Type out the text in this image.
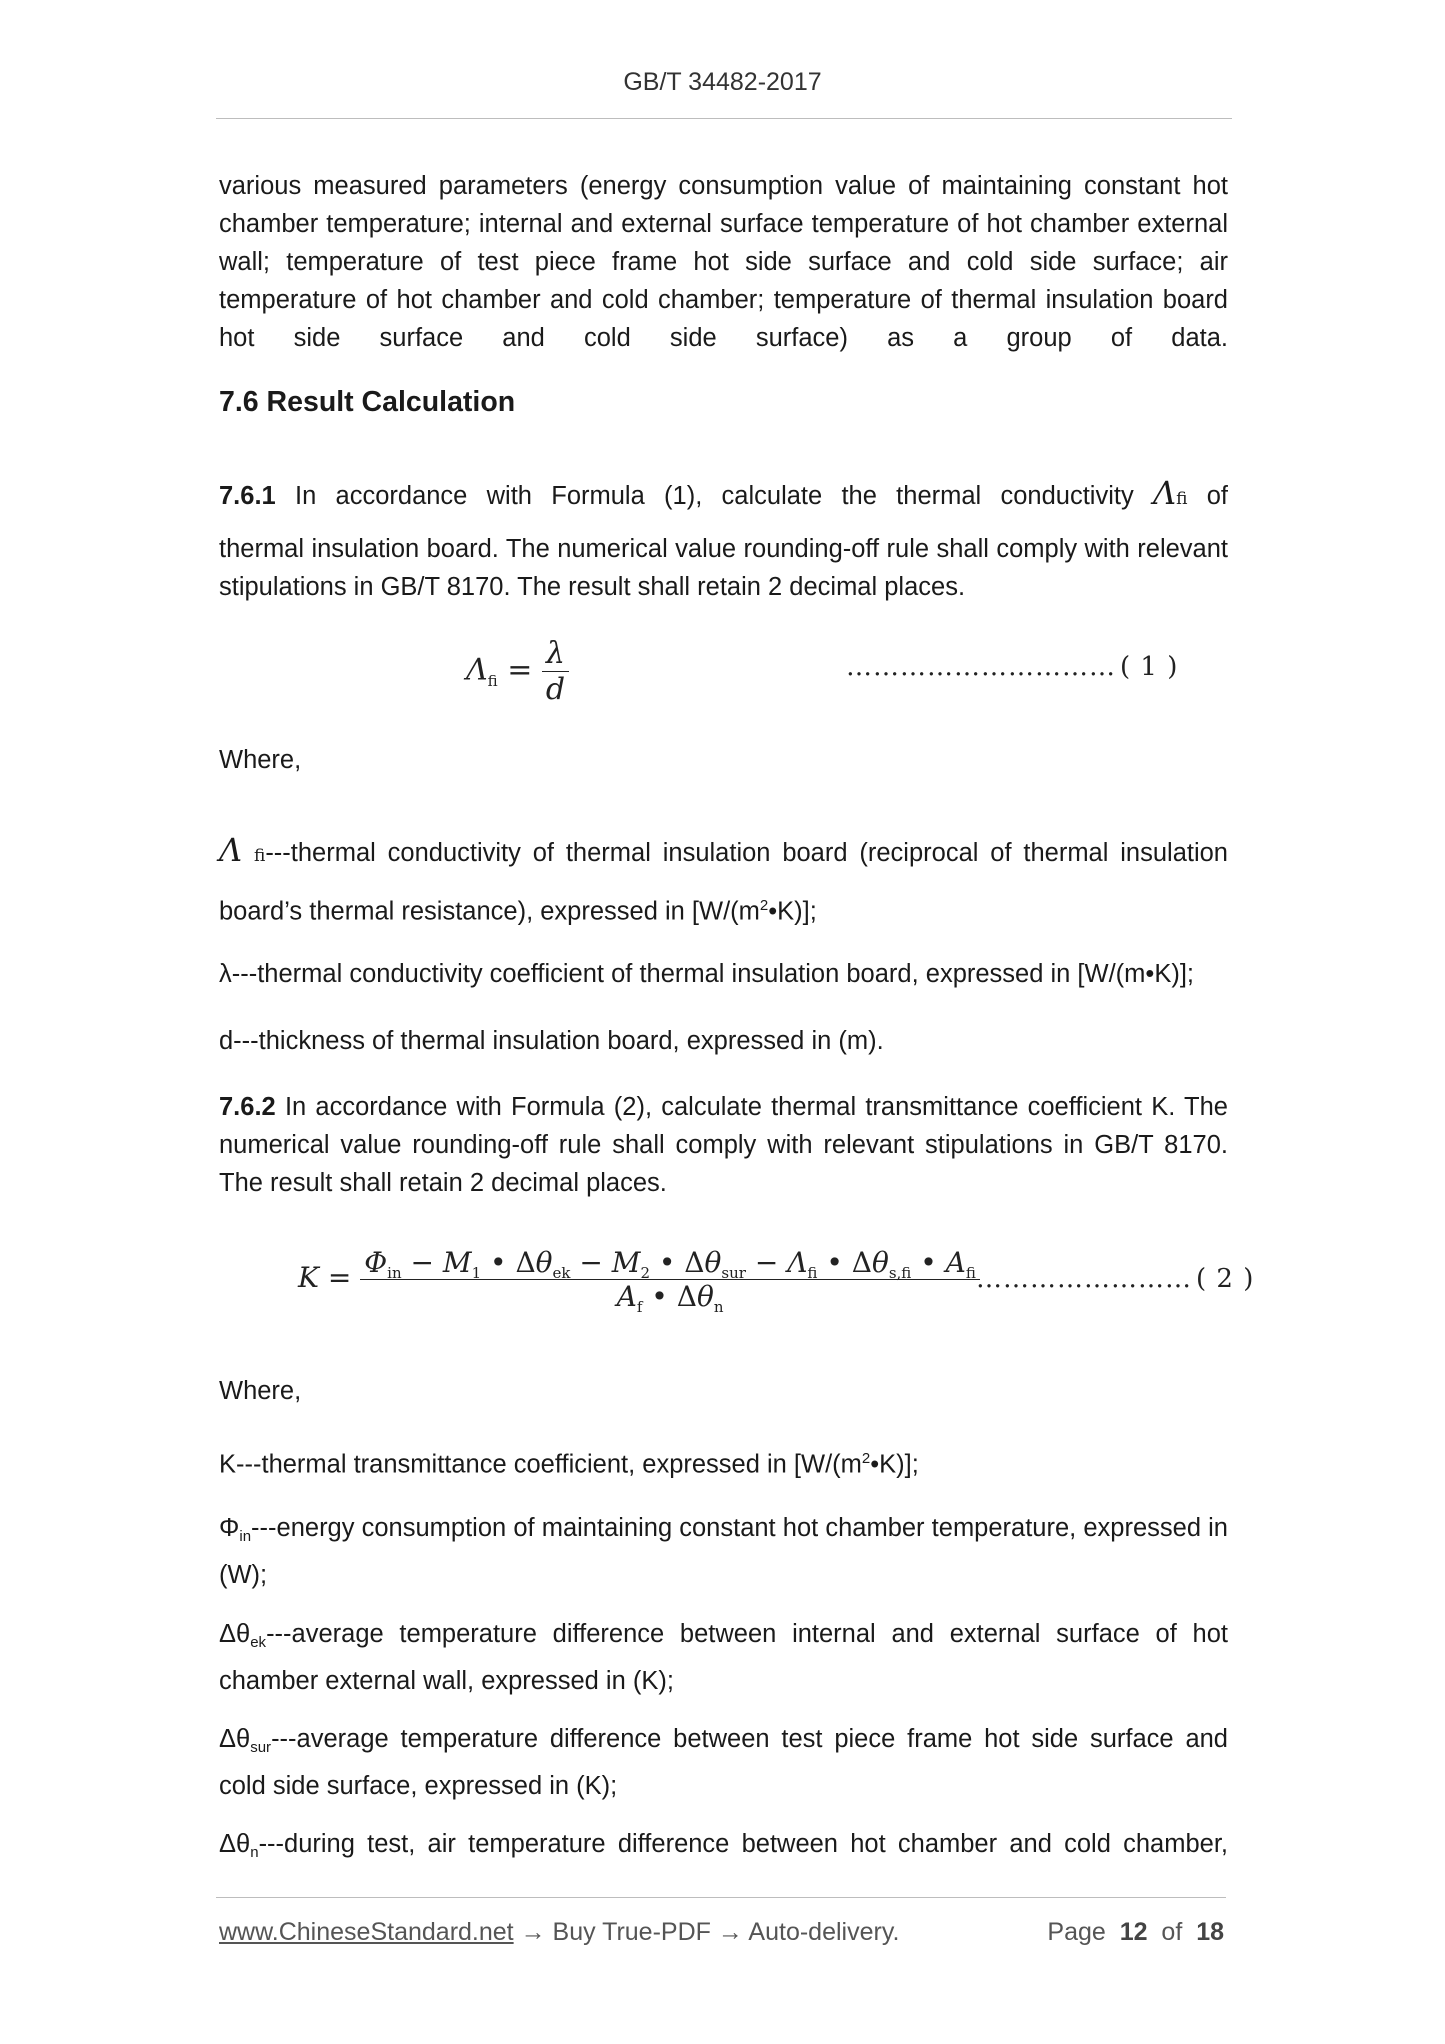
GB/T 34482-2017
various measured parameters (energy consumption value of maintaining constant hot chamber temperature; internal and external surface temperature of hot chamber external wall; temperature of test piece frame hot side surface and cold side surface; air temperature of hot chamber and cold chamber; temperature of thermal insulation board hot side surface and cold side surface) as a group of data.
7.6 Result Calculation
7.6.1 In accordance with Formula (1), calculate the thermal conductivity Λfi of
thermal insulation board. The numerical value rounding-off rule shall comply with relevant stipulations in GB/T 8170. The result shall retain 2 decimal places.
$\Lambda_{fi} = \frac{\lambda}{d}$	………………………… ( 1 )
Where,
Λ fi---thermal conductivity of thermal insulation board (reciprocal of thermal insulation
board’s thermal resistance), expressed in $[W/(m^2•K)]$;
λ---thermal conductivity coefficient of thermal insulation board, expressed in [W/(m•K)];
d---thickness of thermal insulation board, expressed in (m).
7.6.2 In accordance with Formula (2), calculate thermal transmittance coefficient K. The numerical value rounding-off rule shall comply with relevant stipulations in GB/T 8170. The result shall retain 2 decimal places.
$K = \frac{\Phi_{in} - M_1 • \Delta\theta_{ek} - M_2 • \Delta\theta_{sur} - \Lambda_{fi} • \Delta\theta_{s,fi} • A_{fi}}{A_f • \Delta\theta_n}$
…………………… ( 2 )
Where,
K---thermal transmittance coefficient, expressed in $[W/(m^2•K)]$;
Φin---energy consumption of maintaining constant hot chamber temperature, expressed in (W);
Δθek---average temperature difference between internal and external surface of hot chamber external wall, expressed in (K);
Δθsur---average temperature difference between test piece frame hot side surface and cold side surface, expressed in (K);
Δθn---during test, air temperature difference between hot chamber and cold chamber,
www.ChineseStandard.net → Buy True-PDF → Auto-delivery.	Page 12 of 18
